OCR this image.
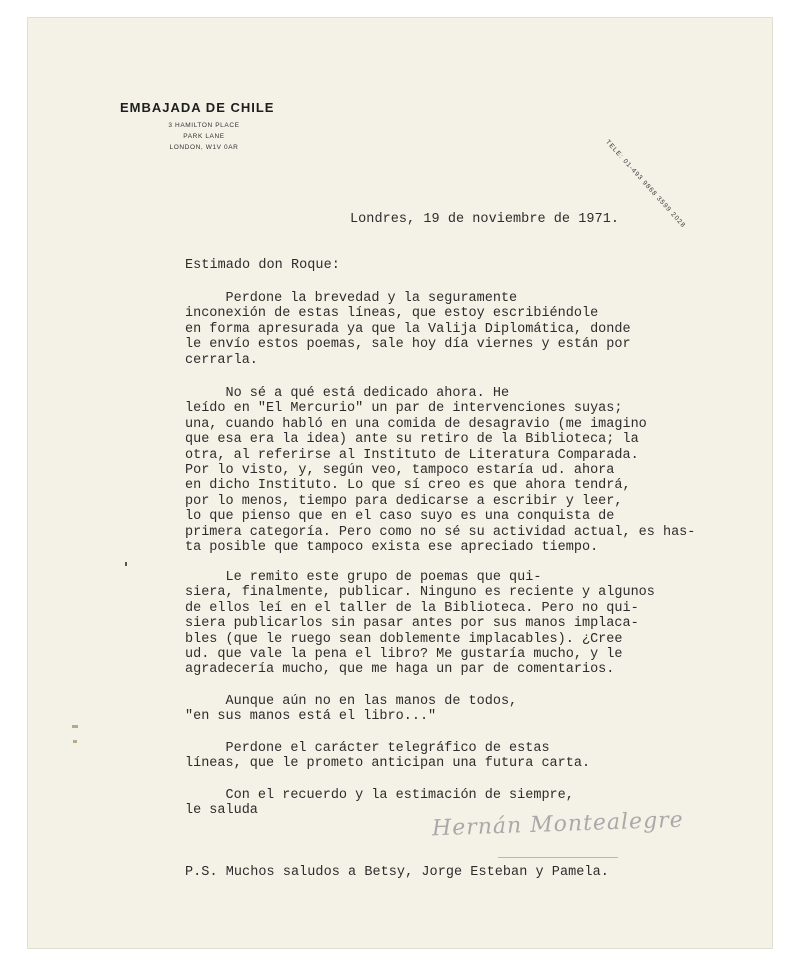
EMBAJADA DE CHILE
3 HAMILTON PLACE
PARK LANE
LONDON, W1V 0AR	TELE: 01-493 9868 3599 2028
Londres, 19 de noviembre de 1971.
Estimado don Roque:
Perdone la brevedad y la seguramente
inconexión de estas líneas, que estoy escribiéndole
en forma apresurada ya que la Valija Diplomática, donde
le envío estos poemas, sale hoy día viernes y están por
cerrarla.
No sé a qué está dedicado ahora. He
leído en "El Mercurio" un par de intervenciones suyas;
una, cuando habló en una comida de desagravio (me imagino
que esa era la idea) ante su retiro de la Biblioteca; la
otra, al referirse al Instituto de Literatura Comparada.
Por lo visto, y, según veo, tampoco estaría ud. ahora
en dicho Instituto. Lo que sí creo es que ahora tendrá,
por lo menos, tiempo para dedicarse a escribir y leer,
lo que pienso que en el caso suyo es una conquista de
primera categoría. Pero como no sé su actividad actual, es has-
ta posible que tampoco exista ese apreciado tiempo.
Le remito este grupo de poemas que qui-
siera, finalmente, publicar. Ninguno es reciente y algunos
de ellos leí en el taller de la Biblioteca. Pero no qui-
siera publicarlos sin pasar antes por sus manos implaca-
bles (que le ruego sean doblemente implacables). ¿Cree
ud. que vale la pena el libro? Me gustaría mucho, y le
agradecería mucho, que me haga un par de comentarios.
Aunque aún no en las manos de todos,
"en sus manos está el libro..."
Perdone el carácter telegráfico de estas
líneas, que le prometo anticipan una futura carta.
Con el recuerdo y la estimación de siempre,
le saluda	Hernán Montealegre
P.S. Muchos saludos a Betsy, Jorge Esteban y Pamela.
